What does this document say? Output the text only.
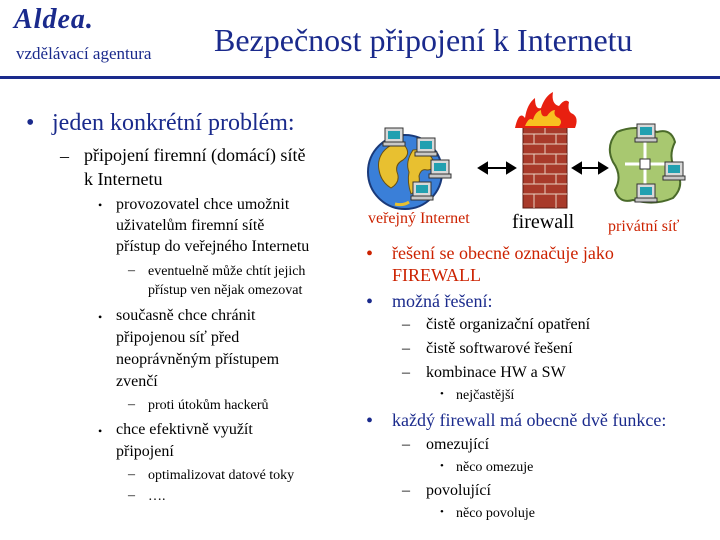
Aldea.
vzdělávací agentura Bezpečnost připojení k Internetu
• jeden konkrétní problém:
– připojení firemní (domácí) sítě
k Internetu
• provozovatel chce umožnit
uživatelům firemní sítě
přístup do veřejného Internetu
– eventuelně může chtít jejich
přístup ven nějak omezovat
• současně chce chránit
připojenou síť před
neoprávněným přístupem
zvenčí
– proti útokům hackerů
• chce efektivně využít
připojení
– optimalizovat datové toky
– ….
veřejný Internet firewall privátní síť
• řešení se obecně označuje jako
FIREWALL
• možná řešení:
– čistě organizační opatření
– čistě softwarové řešení
– kombinace HW a SW
• nejčastější
• každý firewall má obecně dvě funkce:
– omezující
• něco omezuje
– povolující
• něco povoluje
